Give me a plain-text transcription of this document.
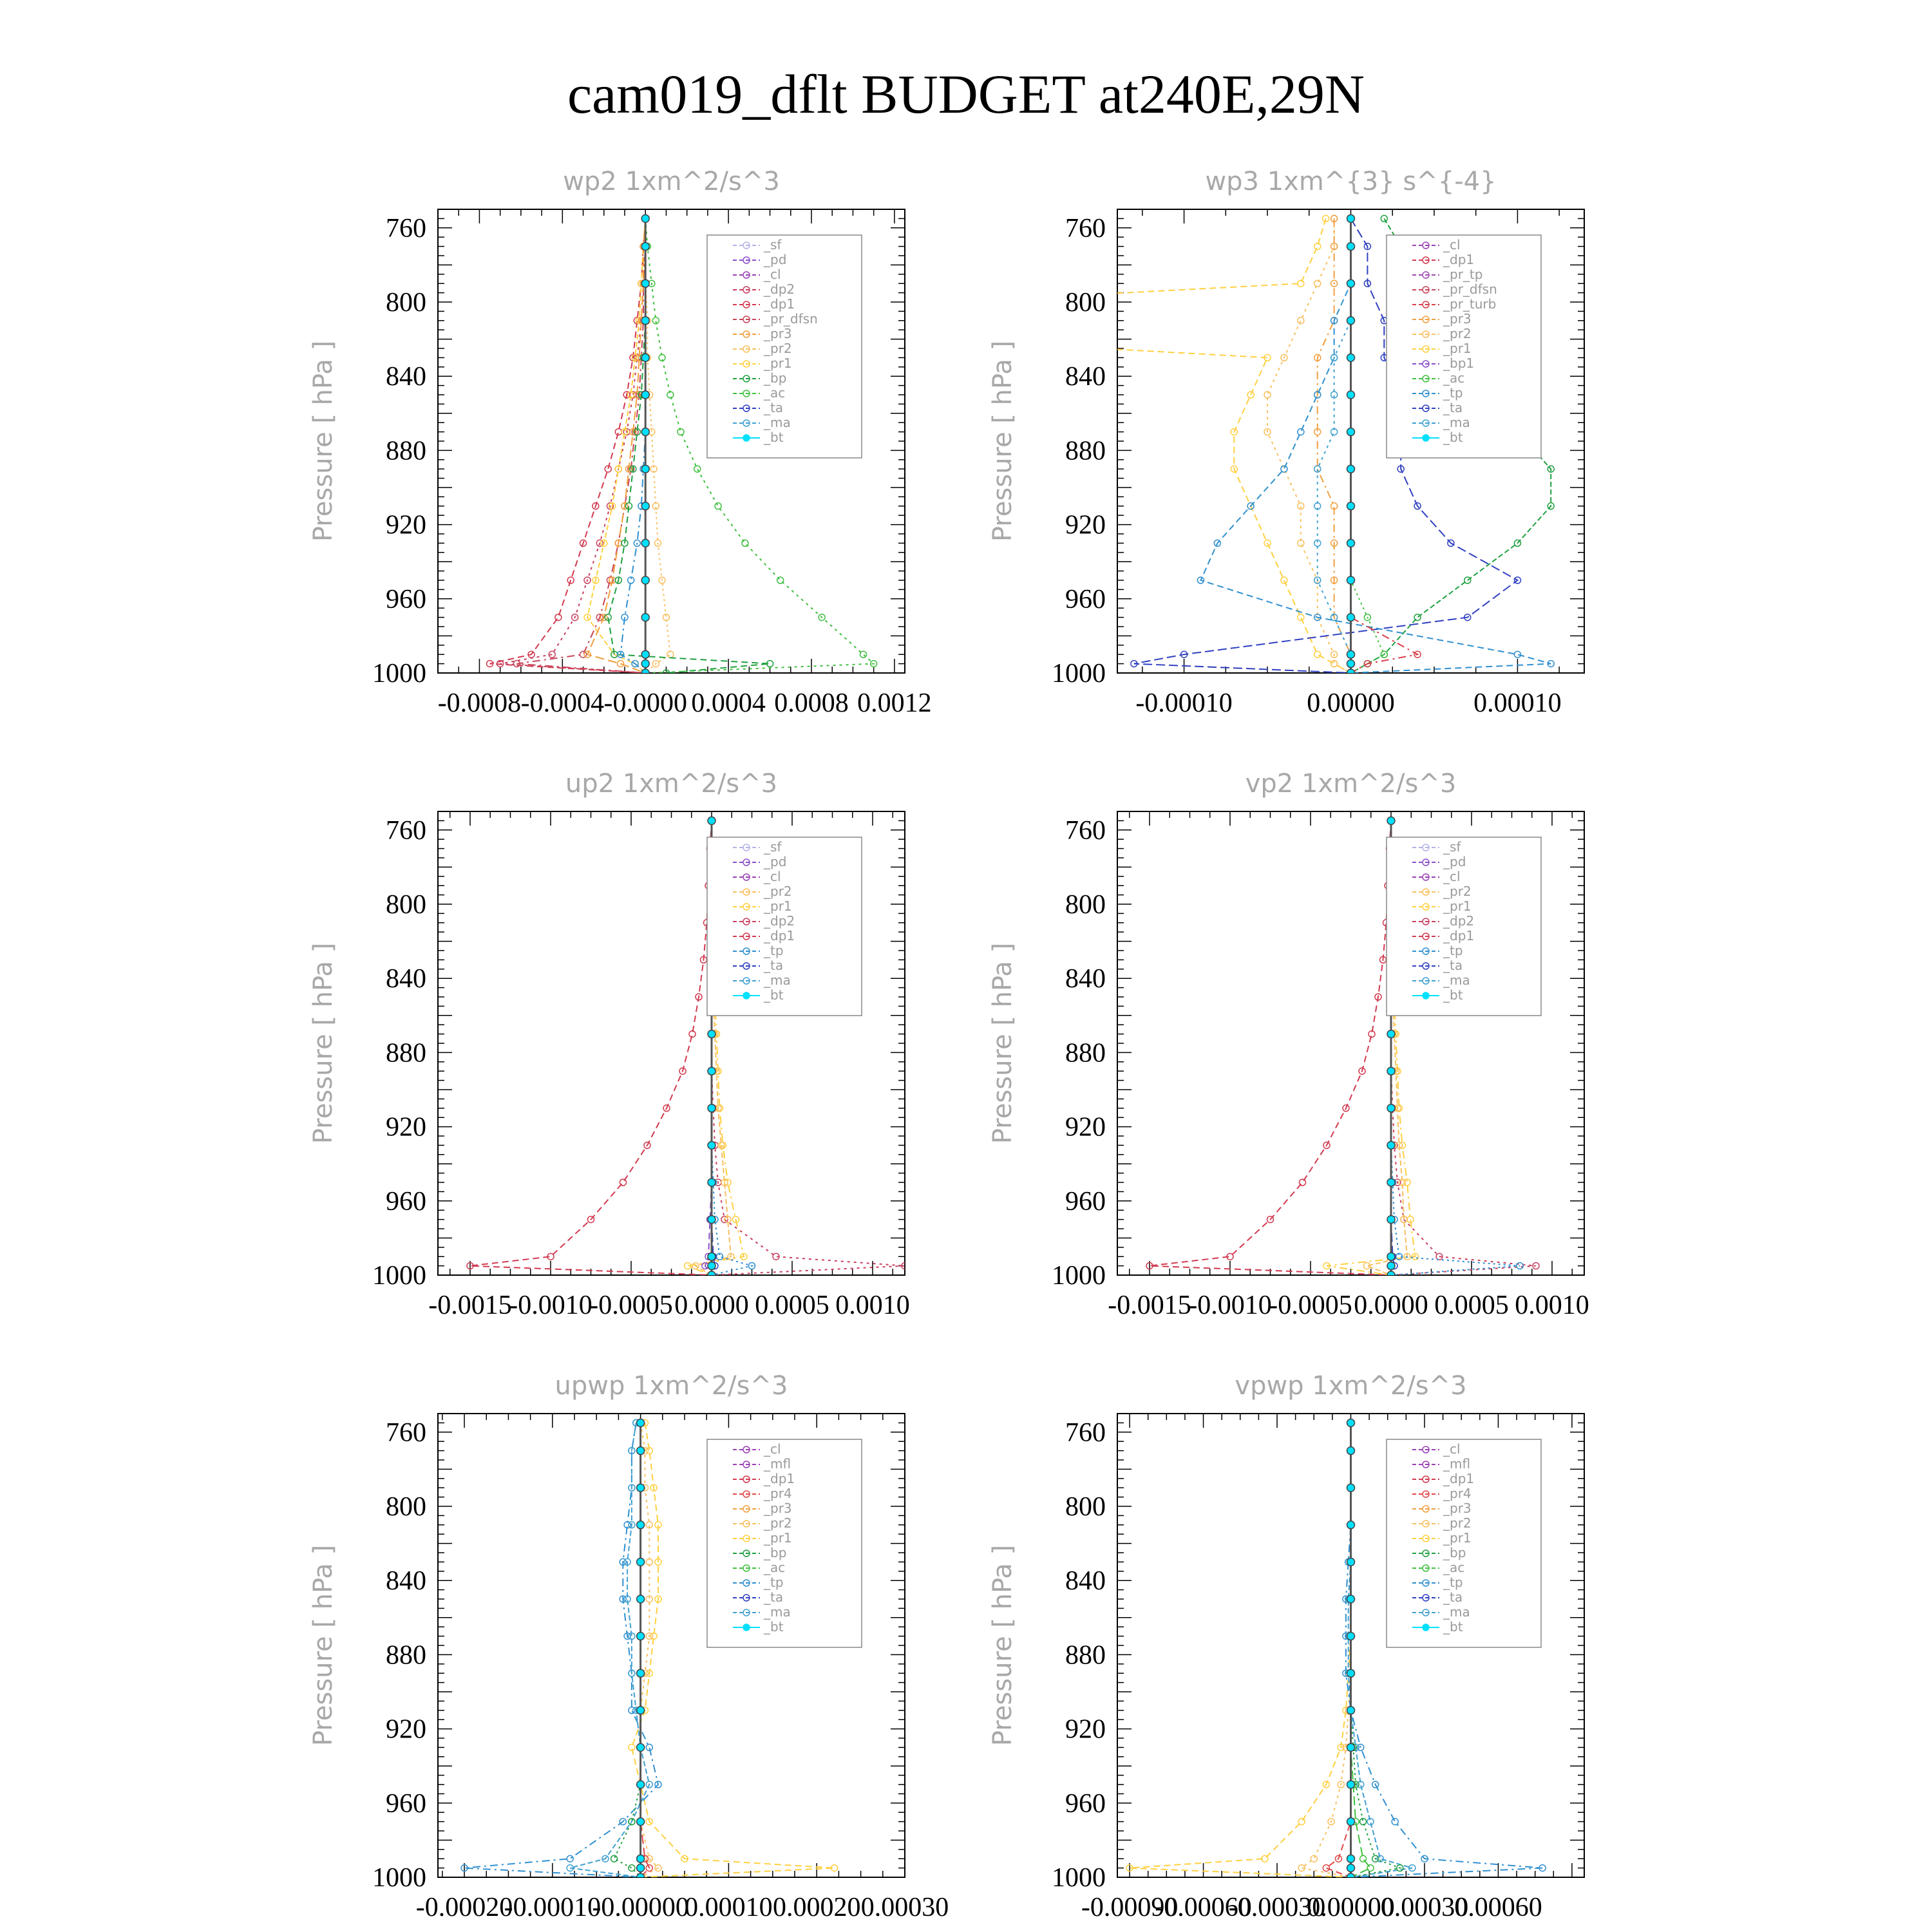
cam019_dflt BUDGET at240E,29N
wp2 1xm^2/s^3
Pressure [ hPa ]
760
800
840
880
920
960
1000
-0.0008 -0.0004 -0.0000 0.0004 0.0008 0.0012
_sf
_pd
_cl
_dp2
_dp1
_pr_dfsn
_pr3
_pr2
_pr1
_bp
_ac
_ta
_ma
_bt
wp3 1xm^{3} s^{-4}
Pressure [ hPa ]
760
800
840
880
920
960
1000
-0.00010	0.00000	0.00010
_cl
_dp1
_pr_tp
_pr_dfsn
_pr_turb
_pr3
_pr2
_pr1
_bp1
_ac
_tp
_ta
_ma
_bt
up2 1xm^2/s^3
Pressure [ hPa ]
760
800
840
880
920
960
1000
-0.0015
-0.0010
-0.0005 0.0000 0.0005 0.0010
_sf
_pd
_cl
_pr2
_pr1
_dp2
_dp1
_tp
_ta
_ma
_bt
vp2 1xm^2/s^3
Pressure [ hPa ]
760
800
840
880
920
960
1000
-0.0015
-0.0010
-0.0005 0.0000 0.0005 0.0010
_sf
_pd
_cl
_pr2
_pr1
_dp2
_dp1
_tp
_ta
_ma
_bt
upwp 1xm^2/s^3
Pressure [ hPa ]
760
800
840
880
920
960
1000
-0.00020
-0.00010
-0.00000
0.00010 0.00020 0.00030
_cl
_mfl
_dp1
_pr4
_pr3
_pr2
_pr1
_bp
_ac
_tp
_ta
_ma
_bt
vpwp 1xm^2/s^3
Pressure [ hPa ]
760
800
840
880
920
960
1000
-0.00090
-0.00060
-0.00030
0.00000
0.00030
0.00060
_cl
_mfl
_dp1
_pr4
_pr3
_pr2
_pr1
_bp
_ac
_tp
_ta
_ma
_bt
